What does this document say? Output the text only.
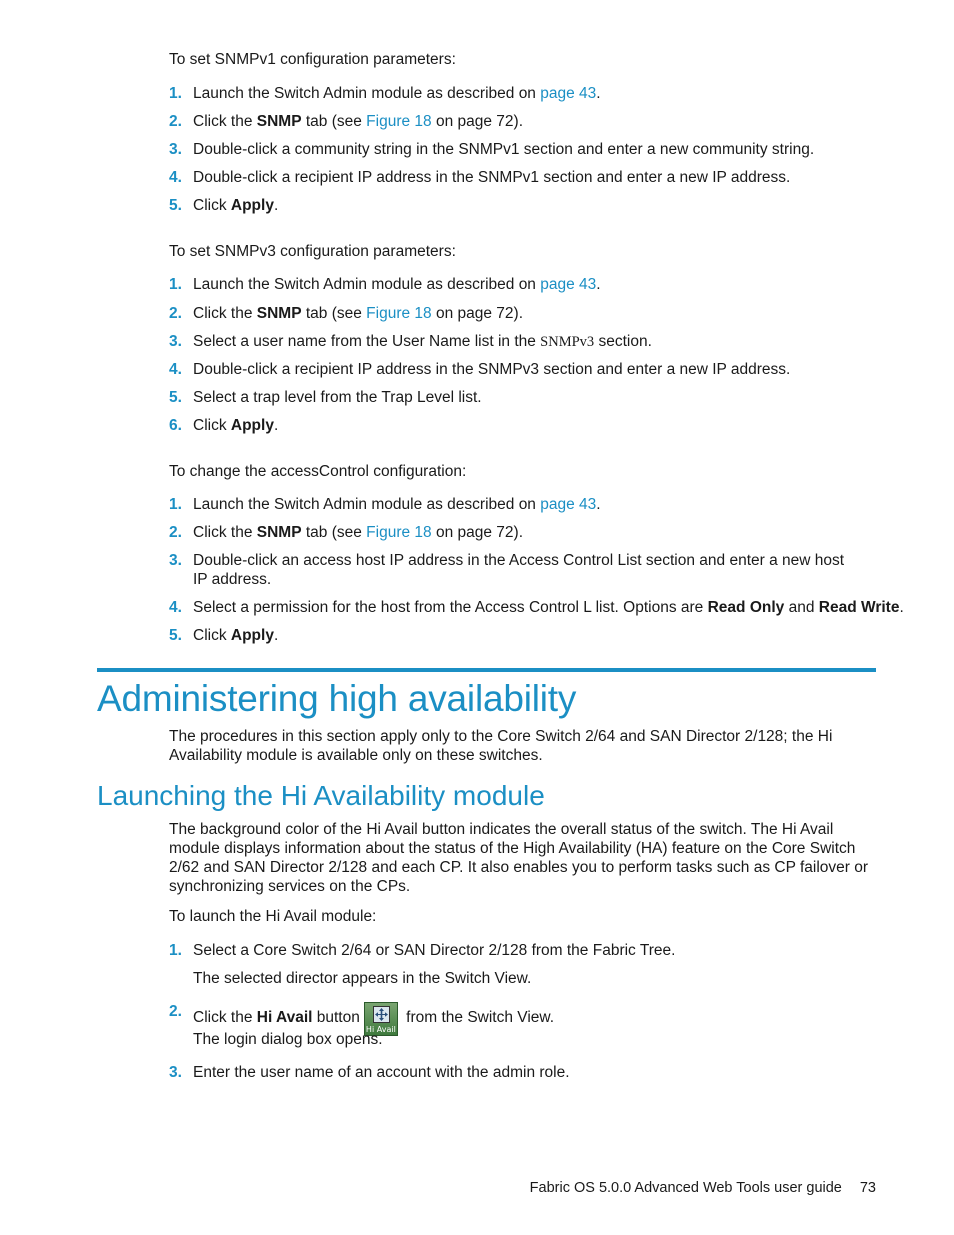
To set SNMPv1 configuration parameters:
1. Launch the Switch Admin module as described on page 43.
2. Click the SNMP tab (see Figure 18 on page 72).
3. Double-click a community string in the SNMPv1 section and enter a new community string.
4. Double-click a recipient IP address in the SNMPv1 section and enter a new IP address.
5. Click Apply.
To set SNMPv3 configuration parameters:
1. Launch the Switch Admin module as described on page 43.
2. Click the SNMP tab (see Figure 18 on page 72).
3. Select a user name from the User Name list in the SNMPv3 section.
4. Double-click a recipient IP address in the SNMPv3 section and enter a new IP address.
5. Select a trap level from the Trap Level list.
6. Click Apply.
To change the accessControl configuration:
1. Launch the Switch Admin module as described on page 43.
2. Click the SNMP tab (see Figure 18 on page 72).
3. Double-click an access host IP address in the Access Control List section and enter a new host IP address.
4. Select a permission for the host from the Access Control L list. Options are Read Only and Read Write.
5. Click Apply.
Administering high availability
The procedures in this section apply only to the Core Switch 2/64 and SAN Director 2/128; the Hi Availability module is available only on these switches.
Launching the Hi Availability module
The background color of the Hi Avail button indicates the overall status of the switch. The Hi Avail module displays information about the status of the High Availability (HA) feature on the Core Switch 2/62 and SAN Director 2/128 and each CP. It also enables you to perform tasks such as CP failover or synchronizing services on the CPs.
To launch the Hi Avail module:
1. Select a Core Switch 2/64 or SAN Director 2/128 from the Fabric Tree.
The selected director appears in the Switch View.
2. Click the Hi Avail button
Hi Avail
from the Switch View.
The login dialog box opens.
3. Enter the user name of an account with the admin role.
Fabric OS 5.0.0 Advanced Web Tools user guide 73
